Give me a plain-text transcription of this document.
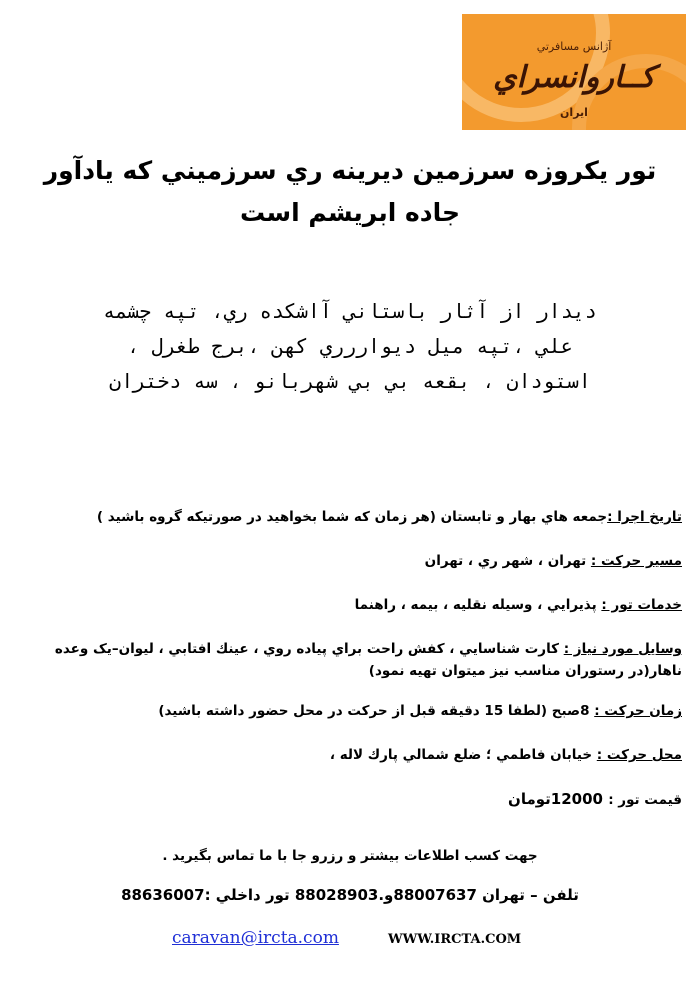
آژانس مسافرتي
كــاروانسراي
ايران
تور يكروزه سرزمين ديرينه ري سرزميني كه يادآور
جاده ابريشم است
ديدار از آثار باستاني آاشكده ري، تپه چشمه
علي ،تپه ميل ديواررري كهن ،برج طغرل ،
استودان ، بقعه بي بي شهربانو ، سه دختران
تاريخ اجرا :جمعه هاي بهار و تابستان (هر زمان كه شما بخواهيد در صورتيكه گروه باشيد )
مسير حركت : تهران ، شهر ري ، تهران
خدمات تور : پذيرايي ، وسيله نقليه ، بيمه ، راهنما
وسايل مورد نياز : كارت شناسايي ، كفش راحت براي پياده روي ، عينك افتابي ، ليوان–يک وعده ناهار(در رستوران مناسب نيز ميتوان تهيه نمود)
زمان حركت : 8صبح (لطفا 15 دقيقه قبل از حركت در محل حضور داشته باشيد)
محل حركت : خيابان فاطمي ؛ ضلع شمالي پارك لاله ،
قيمت تور : 12000تومان
جهت كسب اطلاعات بيشتر و رزرو جا با ما تماس بگيريد .
تلفن – تهران 88007637و.88028903 تور داخلي :88636007
caravan@ircta.com	WWW.IRCTA.COM
